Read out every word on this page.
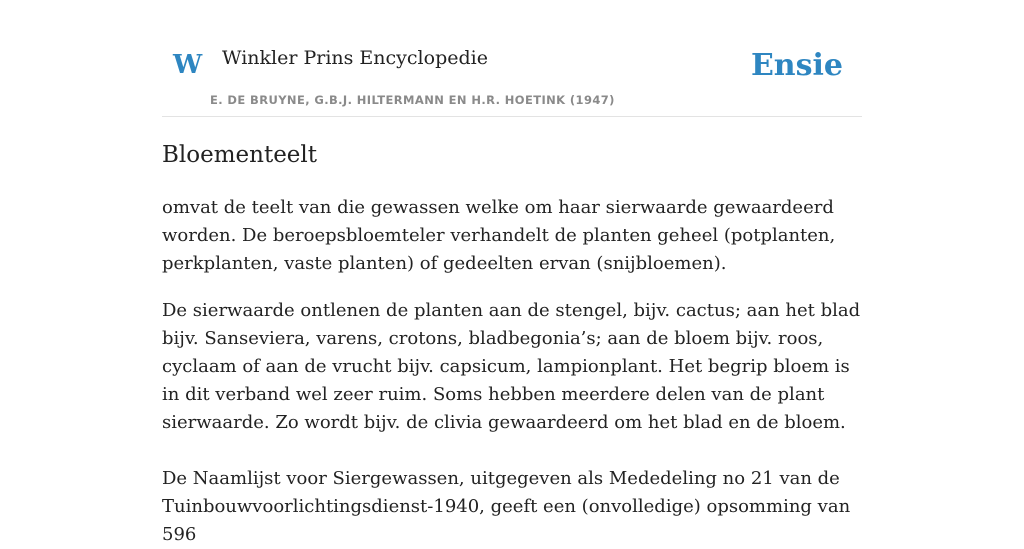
W Winkler Prins Encyclopedie
E. DE BRUYNE, G.B.J. HILTERMANN EN H.R. HOETINK (1947)
Ensie
Bloementeelt

omvat de teelt van die gewassen welke om haar sierwaarde gewaardeerd worden. De beroepsbloemteler verhandelt de planten geheel (potplanten, perkplanten, vaste planten) of gedeelten ervan (snijbloemen).

De sierwaarde ontlenen de planten aan de stengel, bijv. cactus; aan het blad bijv. Sanseviera, varens, crotons, bladbegonia’s; aan de bloem bijv. roos, cyclaam of aan de vrucht bijv. capsicum, lampionplant. Het begrip bloem is in dit verband wel zeer ruim. Soms hebben meerdere delen van de plant sierwaarde. Zo wordt bijv. de clivia gewaardeerd om het blad en de bloem.

De Naamlijst voor Siergewassen, uitgegeven als Mededeling no 21 van de Tuinbouwvoorlichtingsdienst-1940, geeft een (onvolledige) opsomming van 596
